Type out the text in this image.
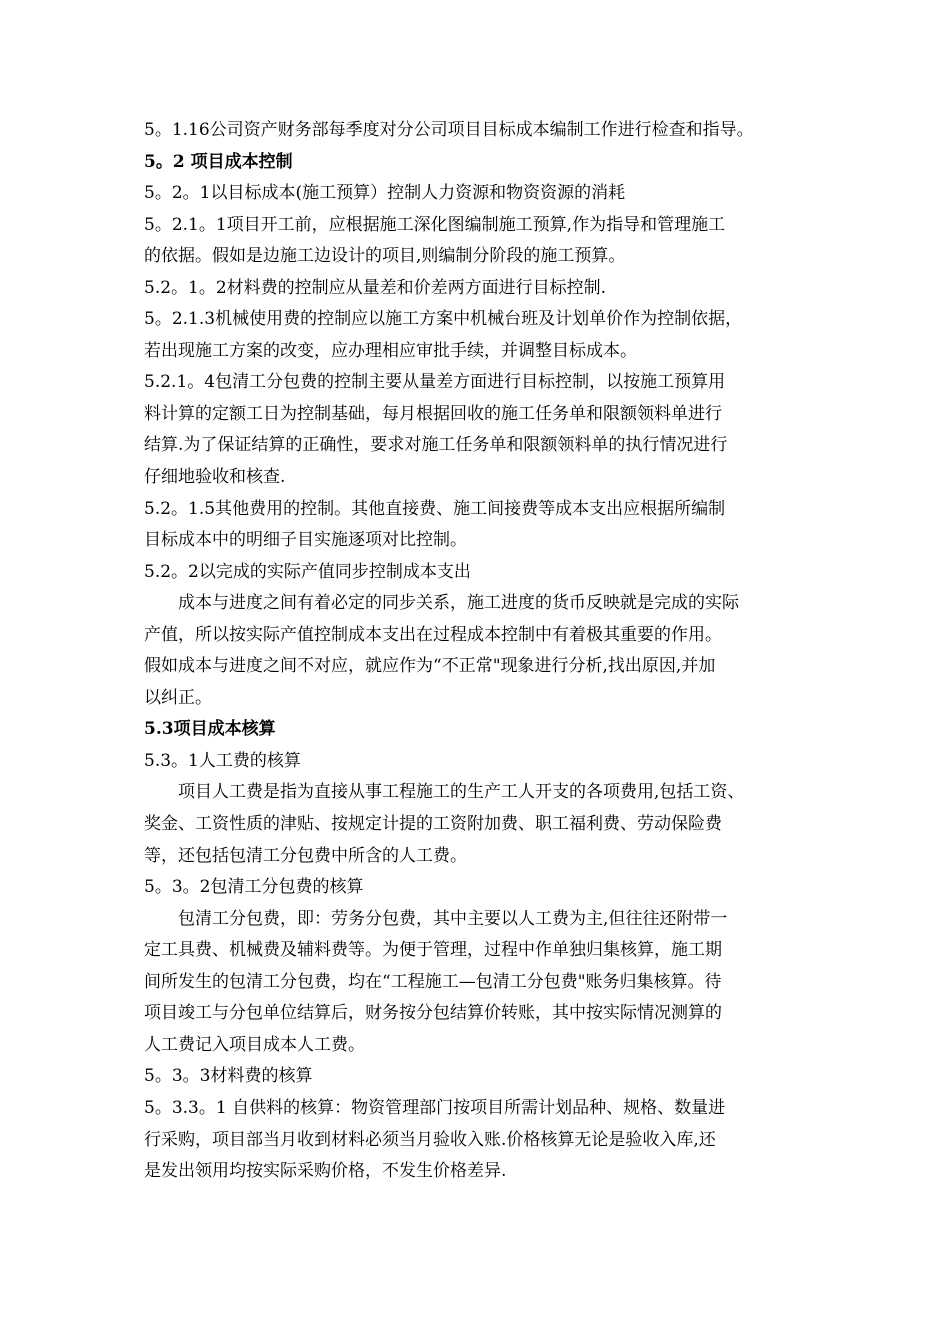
5。1.16公司资产财务部每季度对分公司项目目标成本编制工作进行检查和指导。
5。2 项目成本控制
5。2。1以目标成本(施工预算）控制人力资源和物资资源的消耗
5。2.1。1项目开工前，应根据施工深化图编制施工预算,作为指导和管理施工
的依据。假如是边施工边设计的项目,则编制分阶段的施工预算。
5.2。1。2材料费的控制应从量差和价差两方面进行目标控制.
5。2.1.3机械使用费的控制应以施工方案中机械台班及计划单价作为控制依据，
若出现施工方案的改变，应办理相应审批手续，并调整目标成本。
5.2.1。4包清工分包费的控制主要从量差方面进行目标控制，以按施工预算用
料计算的定额工日为控制基础，每月根据回收的施工任务单和限额领料单进行
结算.为了保证结算的正确性，要求对施工任务单和限额领料单的执行情况进行
仔细地验收和核查.
5.2。1.5其他费用的控制。其他直接费、施工间接费等成本支出应根据所编制
目标成本中的明细子目实施逐项对比控制。
5.2。2以完成的实际产值同步控制成本支出
成本与进度之间有着必定的同步关系，施工进度的货币反映就是完成的实际
产值，所以按实际产值控制成本支出在过程成本控制中有着极其重要的作用。
假如成本与进度之间不对应，就应作为“不正常"现象进行分析,找出原因,并加
以纠正。
5.3项目成本核算
5.3。1人工费的核算
项目人工费是指为直接从事工程施工的生产工人开支的各项费用,包括工资、
奖金、工资性质的津贴、按规定计提的工资附加费、职工福利费、劳动保险费
等，还包括包清工分包费中所含的人工费。
5。3。2包清工分包费的核算
包清工分包费，即：劳务分包费，其中主要以人工费为主,但往往还附带一
定工具费、机械费及辅料费等。为便于管理，过程中作单独归集核算，施工期
间所发生的包清工分包费，均在“工程施工—包清工分包费"账务归集核算。待
项目竣工与分包单位结算后，财务按分包结算价转账，其中按实际情况测算的
人工费记入项目成本人工费。
5。3。3材料费的核算
5。3.3。1 自供料的核算：物资管理部门按项目所需计划品种、规格、数量进
行采购，项目部当月收到材料必须当月验收入账.价格核算无论是验收入库,还
是发出领用均按实际采购价格，不发生价格差异.
